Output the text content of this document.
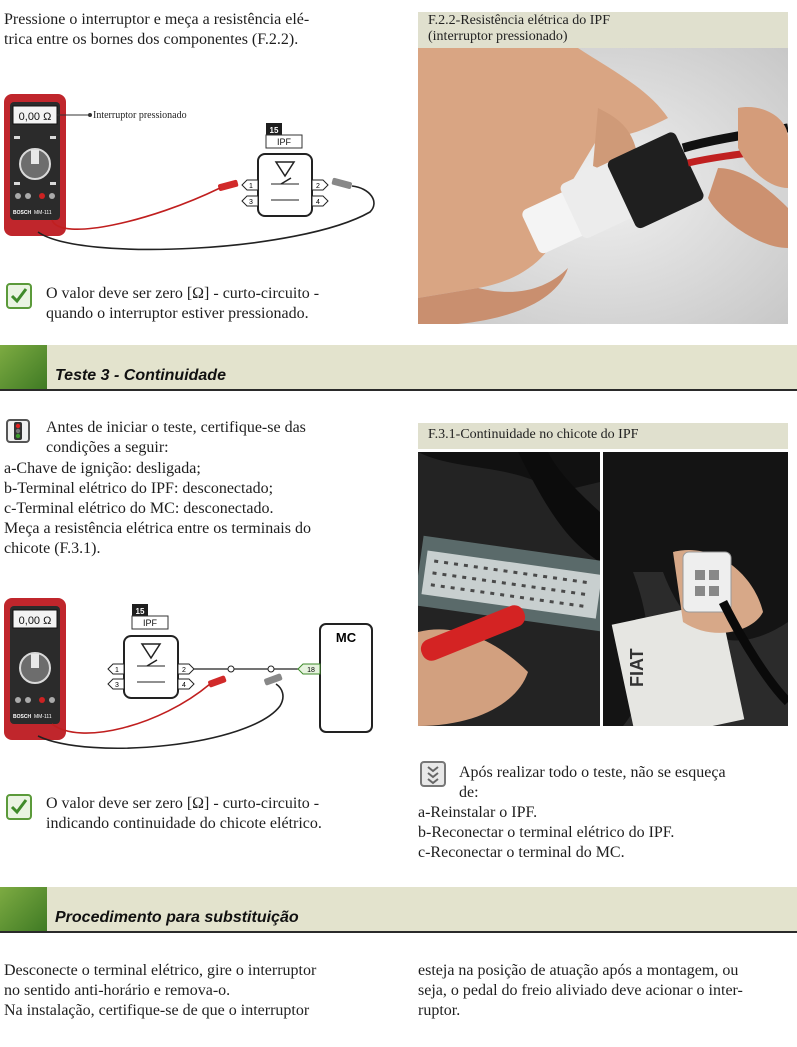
Pressione o interruptor e meça a resistência elé-
trica entre os bornes dos componentes (F.2.2).
0,00 Ω
BOSCH MM-111
Interruptor pressionado
15
IPF
1
3
2
4
O valor deve ser zero [Ω] - curto-circuito -
quando o interruptor estiver pressionado.
F.2.2-Resistência elétrica do IPF
(interruptor pressionado)
Teste 3 - Continuidade
Antes de iniciar o teste, certifique-se das
condições a seguir:
a-Chave de ignição: desligada;
b-Terminal elétrico do IPF: desconectado;
c-Terminal elétrico do MC: desconectado.
Meça a resistência elétrica entre os terminais do
chicote (F.3.1).
0,00 Ω
BOSCH MM-111
15
IPF
1
3
2
4
MC
18
O valor deve ser zero [Ω] - curto-circuito -
indicando continuidade do chicote elétrico.
F.3.1-Continuidade no chicote do IPF
FIAT
Após realizar todo o teste, não se esqueça
de:
a-Reinstalar o IPF.
b-Reconectar o terminal elétrico do IPF.
c-Reconectar o terminal do MC.
Procedimento para substituição
Desconecte o terminal elétrico, gire o interruptor
no sentido anti-horário e remova-o.
Na instalação, certifique-se de que o interruptor
esteja na posição de atuação após a montagem, ou
seja, o pedal do freio aliviado deve acionar o inter-
ruptor.
